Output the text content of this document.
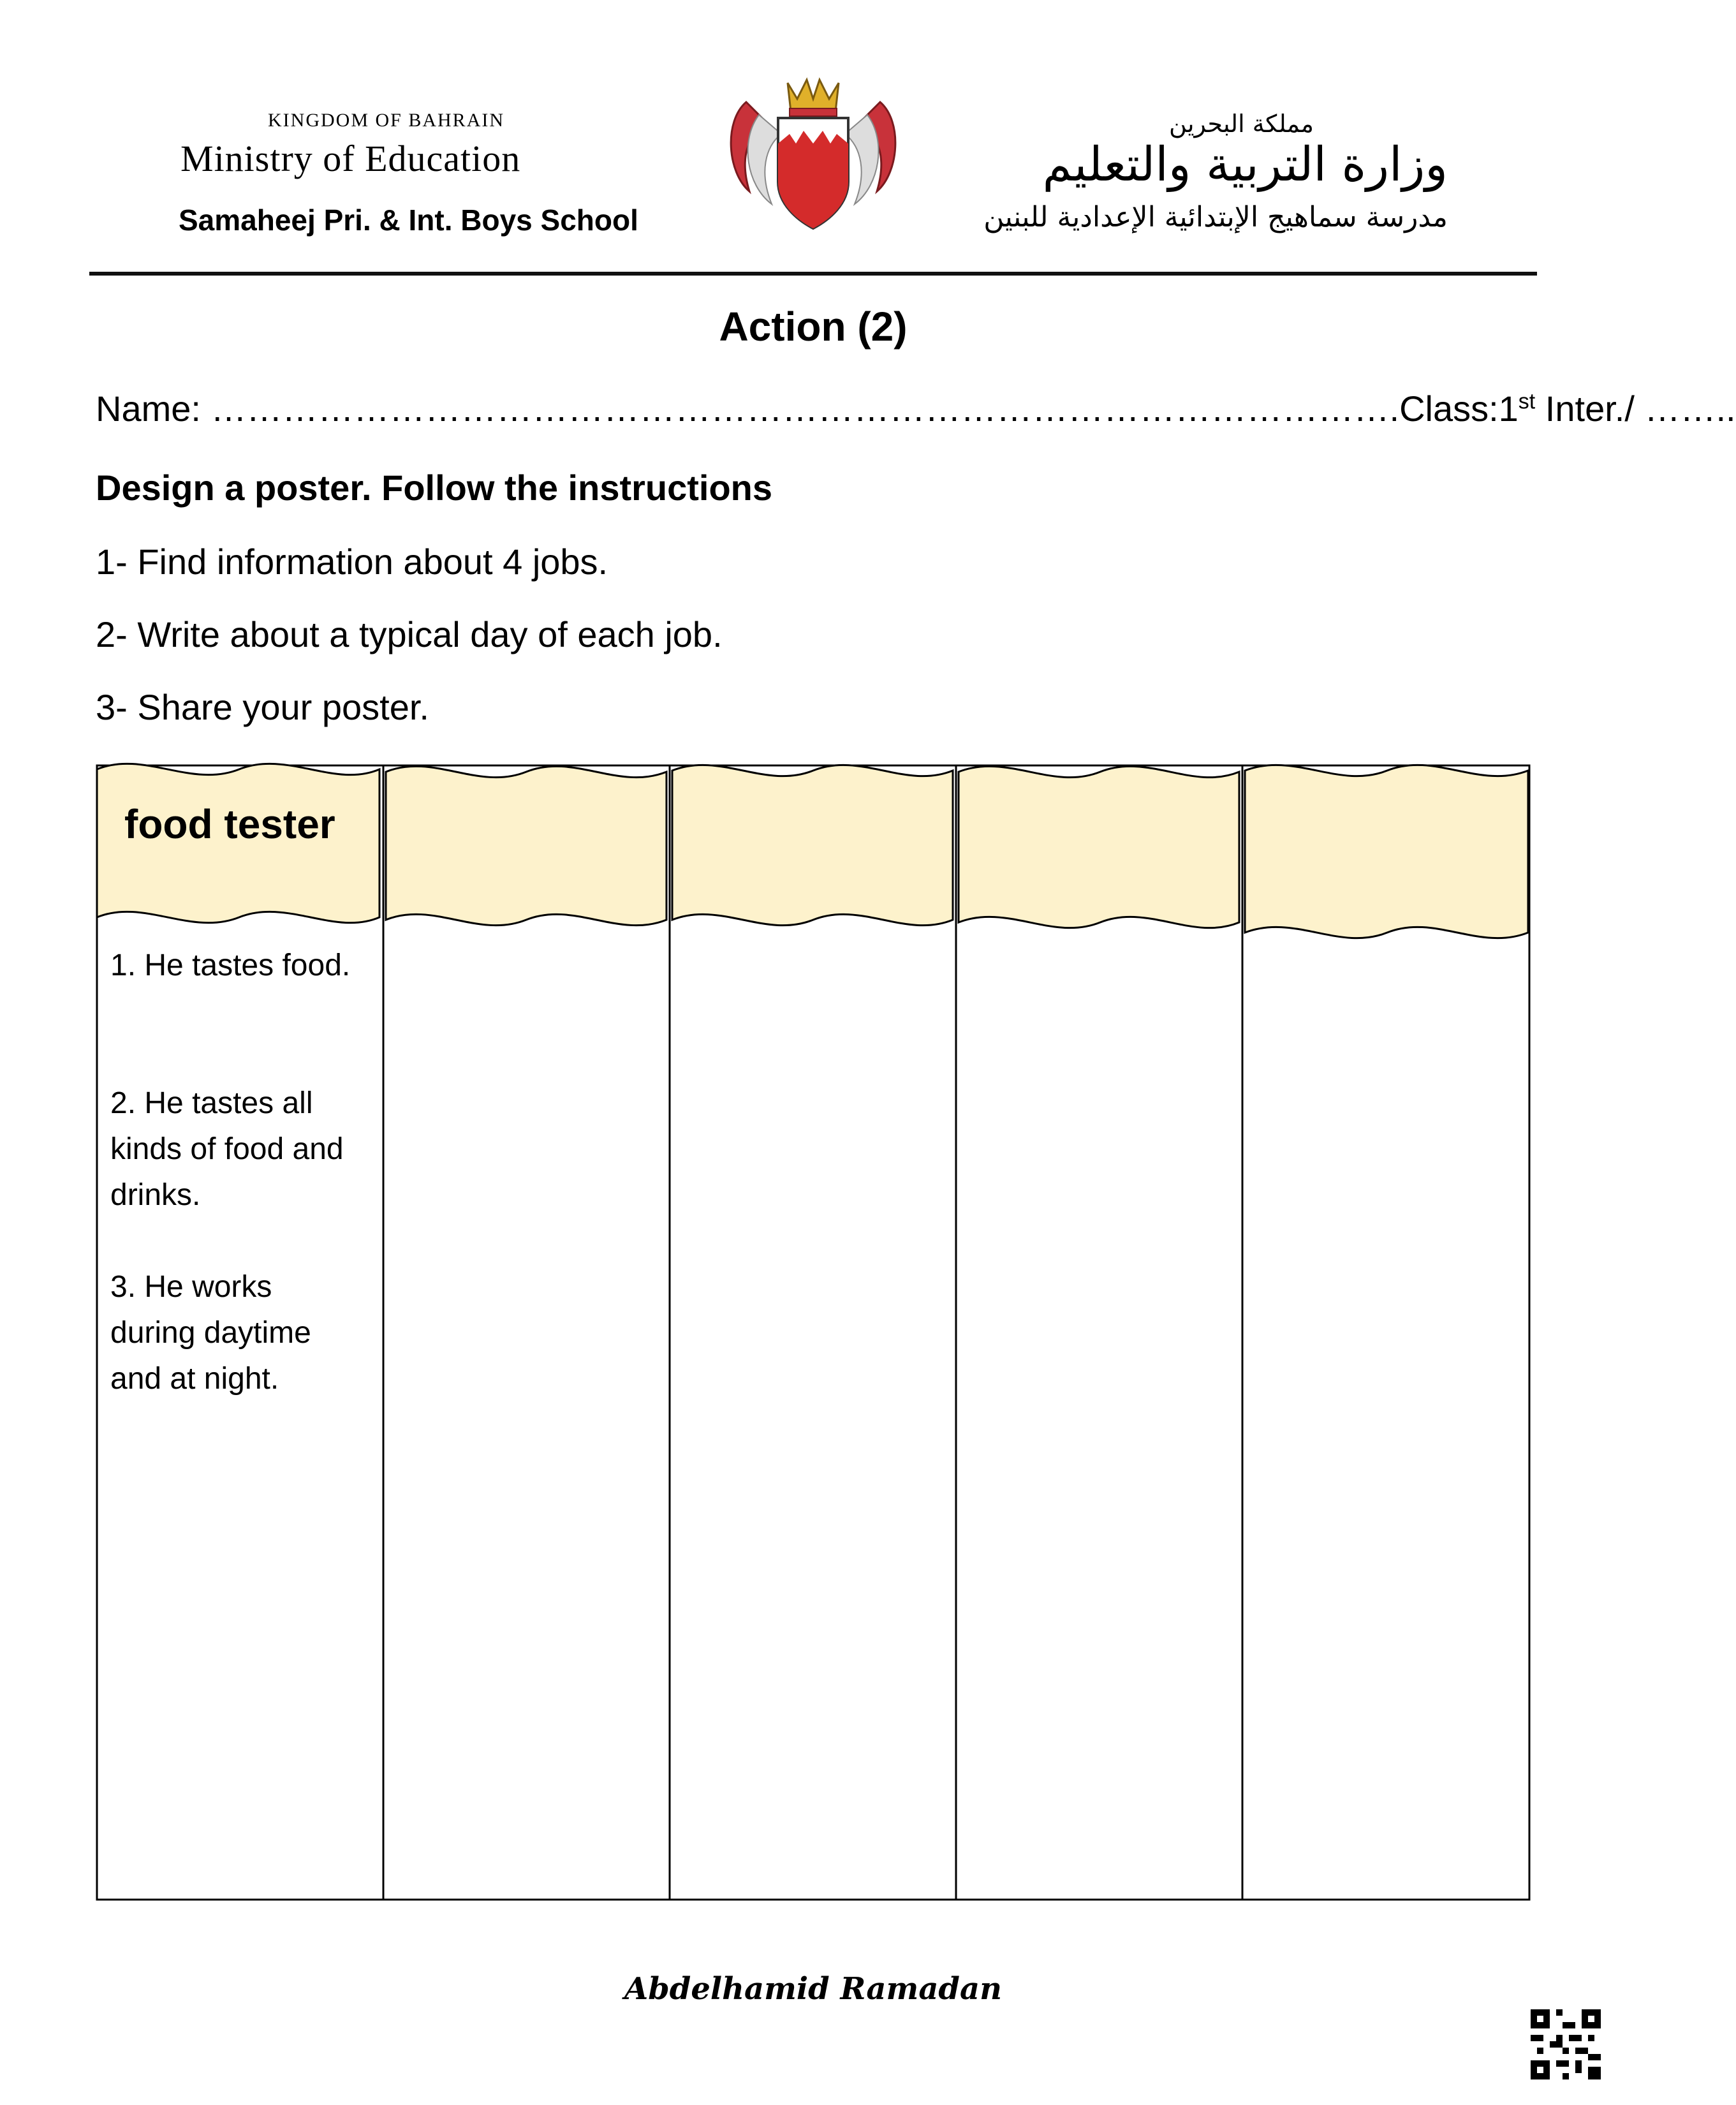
KINGDOM OF BAHRAIN
Ministry of Education
Samaheej Pri. & Int. Boys School
مملكة البحرين
وزارة التربية والتعليم
مدرسة سماهيج الإبتدائية الإعدادية للبنين
Action (2)
Name: ……………………………………………………………………………………….Class:1st Inter./ ……..
Design a poster. Follow the instructions
1- Find information about 4 jobs.
2- Write about a typical day of each job.
3- Share your poster.
food tester
1. He tastes food.
2. He tastes all kinds of food and drinks.
3. He works during daytime and at night.
Abdelhamid Ramadan
